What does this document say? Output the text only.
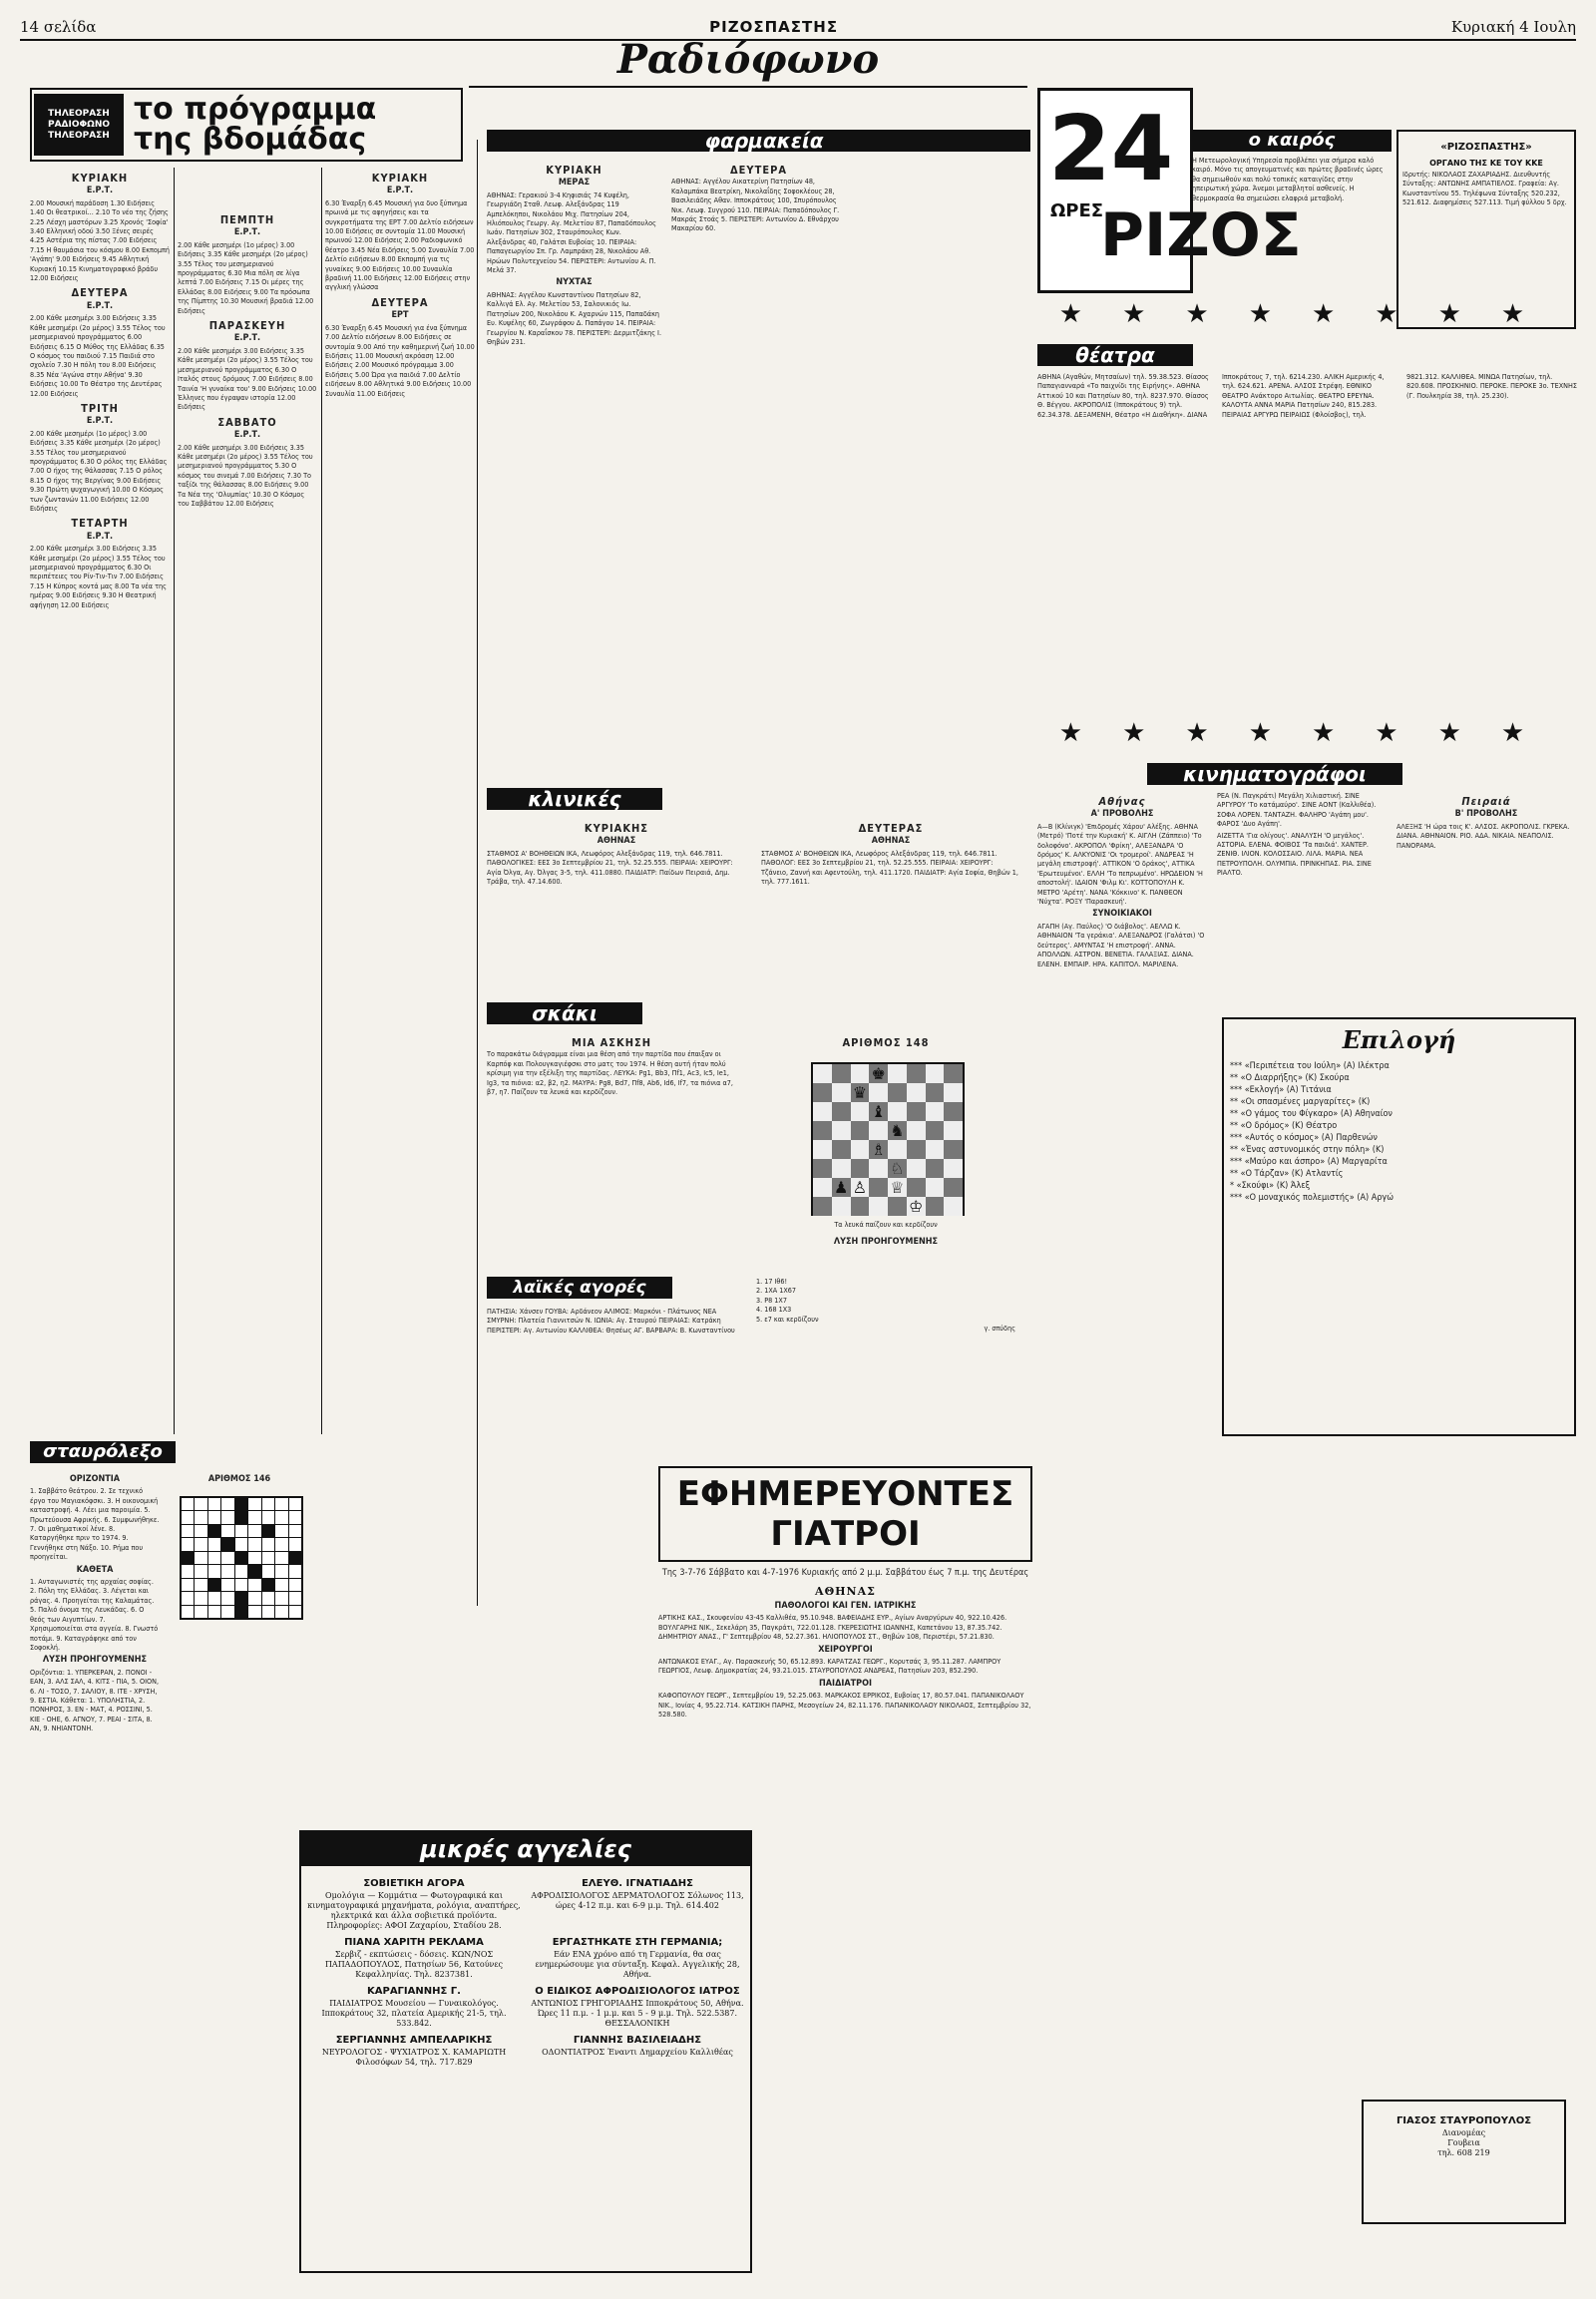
14 σελίδα	ΡΙΖΟΣΠΑΣΤΗΣ	Κυριακή 4 Ιουλη
Ραδιόφωνο
ΤΗΛΕΟΡΑΣΗ
ΡΑΔΙΟΦΩΝΟ
ΤΗΛΕΟΡΑΣΗ
το πρόγραμμα
της βδομάδας
ΚΥΡΙΑΚΗ
Ε.Ρ.Τ.

2.00 Μουσική παράδοση 1.30 Ειδήσεις 1.40 Οι θεατρικοί... 2.10 Το νέο της ζήσης 2.25 Λέσχη μαστόρων 3.25 Χρονός 'Σοφία' 3.40 Ελληνική οδού 3.50 Ξένες σειρές 4.25 Αστέρια της πίστας 7.00 Ειδήσεις 7.15 Η θαυμάσια του κόσμου 8.00 Εκπομπή 'Αγάπη' 9.00 Ειδήσεις 9.45 Αθλητική Κυριακή 10.15 Κινηματογραφικό βράδυ 12.00 Ειδήσεις

ΔΕΥΤΕΡΑ
Ε.Ρ.Τ.

2.00 Κάθε μεσημέρι 3.00 Ειδήσεις 3.35 Κάθε μεσημέρι (2ο μέρος) 3.55 Τέλος του μεσημεριανού προγράμματος 6.00 Ειδήσεις 6.15 Ο Μύθος της Ελλάδας 6.35 Ο κόσμος του παιδιού 7.15 Παιδιά στο σχολείο 7.30 Η πόλη του 8.00 Ειδήσεις 8.35 Νέα 'Αγώνα στην Αθήνα' 9.30 Ειδήσεις 10.00 Το Θέατρο της Δευτέρας 12.00 Ειδήσεις

ΤΡΙΤΗ
Ε.Ρ.Τ.

2.00 Κάθε μεσημέρι (1ο μέρος) 3.00 Ειδήσεις 3.35 Κάθε μεσημέρι (2ο μέρος) 3.55 Τέλος του μεσημεριανού προγράμματος 6.30 Ο ρόλος της Ελλάδας 7.00 Ο ήχος της θάλασσας 7.15 Ο ρόλος 8.15 Ο ήχος της Βεργίνας 9.00 Ειδήσεις 9.30 Πρώτη ψυχαγωγική 10.00 Ο Κόσμος των ζωντανών 11.00 Ειδήσεις 12.00 Ειδήσεις

ΤΕΤΑΡΤΗ
Ε.Ρ.Τ.

2.00 Κάθε μεσημέρι 3.00 Ειδήσεις 3.35 Κάθε μεσημέρι (2ο μέρος) 3.55 Τέλος του μεσημεριανού προγράμματος 6.30 Οι περιπέτειες του Ρίν-Τιν-Τιν 7.00 Ειδήσεις 7.15 Η Κύπρος κοντά μας 8.00 Τα νέα της ημέρας 9.00 Ειδήσεις 9.30 Η Θεατρική αφήγηση 12.00 Ειδήσεις

ΠΕΜΠΤΗ
Ε.Ρ.Τ.

2.00 Κάθε μεσημέρι (1ο μέρος) 3.00 Ειδήσεις 3.35 Κάθε μεσημέρι (2ο μέρος) 3.55 Τέλος του μεσημεριανού προγράμματος 6.30 Μια πόλη σε λίγα λεπτά 7.00 Ειδήσεις 7.15 Οι μέρες της Ελλάδας 8.00 Ειδήσεις 9.00 Τα πρόσωπα της Πίμπτης 10.30 Μουσική βραδιά 12.00 Ειδήσεις

ΠΑΡΑΣΚΕΥΗ
Ε.Ρ.Τ.

2.00 Κάθε μεσημέρι 3.00 Ειδήσεις 3.35 Κάθε μεσημέρι (2ο μέρος) 3.55 Τέλος του μεσημεριανού προγράμματος 6.30 Ο Ιταλός στους δρόμους 7.00 Ειδήσεις 8.00 Ταινία 'Η γυναίκα του' 9.00 Ειδήσεις 10.00 Έλληνες που έγραψαν ιστορία 12.00 Ειδήσεις

ΣΑΒΒΑΤΟ
Ε.Ρ.Τ.

2.00 Κάθε μεσημέρι 3.00 Ειδήσεις 3.35 Κάθε μεσημέρι (2ο μέρος) 3.55 Τέλος του μεσημεριανού προγράμματος 5.30 Ο κόσμος του σινεμά 7.00 Ειδήσεις 7.30 Το ταξίδι της θάλασσας 8.00 Ειδήσεις 9.00 Τα Νέα της 'Ολυμπίας' 10.30 Ο Κόσμος του Σαββάτου 12.00 Ειδήσεις

ΚΥΡΙΑΚΗ
Ε.Ρ.Τ.

6.30 Έναρξη 6.45 Μουσική για δυο ξύπνημα πρωινά με τις αφηγήσεις και τα συγκροτήματα της ΕΡΤ 7.00 Δελτίο ειδήσεων 10.00 Ειδήσεις σε συντομία 11.00 Μουσική πρωινού 12.00 Ειδήσεις 2.00 Ραδιοφωνικό θέατρο 3.45 Νέα Ειδήσεις 5.00 Συναυλία 7.00 Δελτίο ειδήσεων 8.00 Εκπομπή για τις γυναίκες 9.00 Ειδήσεις 10.00 Συναυλία βραδινή 11.00 Ειδήσεις 12.00 Ειδήσεις στην αγγλική γλώσσα

ΔΕΥΤΕΡΑ
ΕΡΤ

6.30 Έναρξη 6.45 Μουσική για ένα ξύπνημα 7.00 Δελτίο ειδήσεων 8.00 Ειδήσεις σε συντομία 9.00 Από την καθημερινή ζωή 10.00 Ειδήσεις 11.00 Μουσική ακρόαση 12.00 Ειδήσεις 2.00 Μουσικό πρόγραμμα 3.00 Ειδήσεις 5.00 Ώρα για παιδιά 7.00 Δελτίο ειδήσεων 8.00 Αθλητικά 9.00 Ειδήσεις 10.00 Συναυλία 11.00 Ειδήσεις

σταυρόλεξο
ΟΡΙΖΟΝΤΙΑ

1. Σαββάτο θεάτρου. 2. Σε τεχνικό έργο του Μαγιακόφσκι. 3. Η οικονομική καταστροφή. 4. Λέει μια παροιμία. 5. Πρωτεύουσα Αφρικής. 6. Συμφωνήθηκε. 7. Οι μαθηματικοί λένε. 8. Καταργήθηκε πριν το 1974. 9. Γεννήθηκε στη Νάξο. 10. Ρήμα που προηγείται.

ΚΑΘΕΤΑ

1. Ανταγωνιστές της αρχαίας σοφίας. 2. Πόλη της Ελλάδας. 3. Λέγεται και ράγας. 4. Προηγείται της Καλαμάτας. 5. Παλιό όνομα της Λευκάδας. 6. Ο θεός των Αιγυπτίων. 7. Χρησιμοποιείται στα αγγεία. 8. Γνωστό ποτάμι. 9. Καταγράφηκε από τον Σοφοκλή.

ΛΥΣΗ ΠΡΟΗΓΟΥΜΕΝΗΣ

Οριζόντια: 1. ΥΠΕΡΚΕΡΑΝ, 2. ΠΟΝΟΙ - ΕΑΝ, 3. ΑΛΣ ΣΑΛ, 4. ΚΙΤΣ - ΠΙΑ, 5. ΟΙΟΝ, 6. ΛΙ - ΤΟΣΟ, 7. ΣΑΛΙΟΥ, 8. ΙΤΕ - ΧΡΥΣΗ, 9. ΕΣΤΙΑ. Κάθετα: 1. ΥΠΟΛΗΣΤΙΑ, 2. ΠΟΝΗΡΟΣ, 3. ΕΝ - ΜΑΤ, 4. ΡΟΣΣΙΝΙ, 5. ΚΙΕ - ΟΗΕ, 6. ΑΓΝΟΥ, 7. ΡΕΑΙ - ΣΙΤΑ, 8. ΑΝ, 9. ΝΗΙΑΝΤΟΝΗ.

ΑΡΙΘΜΟΣ 146
μικρές αγγελίες
ΣΟΒΙΕΤΙΚΗ ΑΓΟΡΑ
Ομολόγια — Κομμάτια — Φωτογραφικά και κινηματογραφικά μηχανήματα, ρολόγια, αναπτήρες, ηλεκτρικά και άλλα σοβιετικά προϊόντα. Πληροφορίες: ΑΦΟΙ Ζαχαρίου, Σταδίου 28.
ΕΛΕΥΘ. ΙΓΝΑΤΙΑΔΗΣ
ΑΦΡΟΔΙΣΙΟΛΟΓΟΣ ΔΕΡΜΑΤΟΛΟΓΟΣ Σόλωνος 113, ώρες 4-12 π.μ. και 6-9 μ.μ. Τηλ. 614.402
ΠΙΑΝΑ ΧΑΡΙΤΗ ΡΕΚΛΑΜΑ
Σερβιζ - εκπτώσεις - δόσεις. ΚΩΝ/ΝΟΣ ΠΑΠΑΔΟΠΟΥΛΟΣ, Πατησίων 56, Κατούνες Κεφαλληνίας. Τηλ. 8237381.
ΕΡΓΑΣΤΗΚΑΤΕ ΣΤΗ ΓΕΡΜΑΝΙΑ;
Εάν ΕΝΑ χρόνο από τη Γερμανία, θα σας ενημερώσουμε για σύνταξη. Κεφαλ. Αγγελικής 28, Αθήνα.
ΚΑΡΑΓΙΑΝΝΗΣ Γ.
ΠΑΙΔΙΑΤΡΟΣ Μουσείου — Γυναικολόγος. Ιπποκράτους 32, πλατεία Αμερικής 21-5, τηλ. 533.842.
Ο ΕΙΔΙΚΟΣ ΑΦΡΟΔΙΣΙΟΛΟΓΟΣ ΙΑΤΡΟΣ
ΑΝΤΩΝΙΟΣ ΓΡΗΓΟΡΙΑΔΗΣ Ιπποκράτους 50, Αθήνα. Ώρες 11 π.μ. - 1 μ.μ. και 5 - 9 μ.μ. Τηλ. 522.5387. ΘΕΣΣΑΛΟΝΙΚΗ
ΣΕΡΓΙΑΝΝΗΣ ΑΜΠΕΛΑΡΙΚΗΣ
ΝΕΥΡΟΛΟΓΟΣ - ΨΥΧΙΑΤΡΟΣ Χ. ΚΑΜΑΡΙΩΤΗ Φιλοσόφων 54, τηλ. 717.829
ΓΙΑΝΝΗΣ ΒΑΣΙΛΕΙΑΔΗΣ
ΟΔΟΝΤΙΑΤΡΟΣ Έναντι Δημαρχείου Καλλιθέας
φαρμακεία
ΚΥΡΙΑΚΗ
ΜΕΡΑΣ

ΑΘΗΝΑΣ: Γερακιού 3-4 Κηφισιάς 74 Κυψέλη, Γεωργιάδη Σταθ. Λεωφ. Αλεξάνδρας 119 Αμπελόκηποι, Νικολάου Μιχ. Πατησίων 204, Ηλιόπουλος Γεωργ. Αγ. Μελετίου 87, Παπαδόπουλος Ιωάν. Πατησίων 302, Σταυρόπουλος Κων. Αλεξάνδρας 40, Γαλάτσι Ευβοίας 10. ΠΕΙΡΑΙΑ: Παπαγεωργίου Σπ. Γρ. Λαμπράκη 28, Νικολάου Αθ. Ηρώων Πολυτεχνείου 54. ΠΕΡΙΣΤΕΡΙ: Αντωνίου Α. Π. Μελά 37.

ΝΥΧΤΑΣ

ΑΘΗΝΑΣ: Αγγέλου Κωνσταντίνου Πατησίων 82, Καλλιγά Ελ. Αγ. Μελετίου 53, Σαλονικιός Ιω. Πατησίων 200, Νικολάου Κ. Αχαρνών 115, Παπαδάκη Ευ. Κυψέλης 60, Ζωγράφου Δ. Παπάγου 14. ΠΕΙΡΑΙΑ: Γεωργίου Ν. Καραΐσκου 78. ΠΕΡΙΣΤΕΡΙ: Δερμιτζάκης Ι. Θηβών 231.

ΔΕΥΤΕΡΑ

ΑΘΗΝΑΣ: Αγγέλου Αικατερίνη Πατησίων 48, Καλαμπάκα Βεατρίκη, Νικολαΐδης Σοφοκλέους 28, Βασιλειάδης Αθαν. Ιπποκράτους 100, Σπυρόπουλος Νικ. Λεωφ. Συγγρού 110. ΠΕΙΡΑΙΑ: Παπαδόπουλος Γ. Μακράς Στοάς 5. ΠΕΡΙΣΤΕΡΙ: Αντωνίου Δ. Εθνάρχου Μακαρίου 60.

κλινικές
ΚΥΡΙΑΚΗΣ
ΑΘΗΝΑΣ

ΣΤΑΘΜΟΣ Α' ΒΟΗΘΕΙΩΝ ΙΚΑ, Λεωφόρος Αλεξάνδρας 119, τηλ. 646.7811. ΠΑΘΟΛΟΓΙΚΕΣ: ΕΕΣ 3ο Σεπτεμβρίου 21, τηλ. 52.25.555. ΠΕΙΡΑΙΑ: ΧΕΙΡΟΥΡΓ: Αγία Όλγα, Αγ. Όλγας 3-5, τηλ. 411.0880. ΠΑΙΔΙΑΤΡ: Παίδων Πειραιά, Δημ. Τράβα, τηλ. 47.14.600.

ΔΕΥΤΕΡΑΣ
ΑΘΗΝΑΣ

ΣΤΑΘΜΟΣ Α' ΒΟΗΘΕΙΩΝ ΙΚΑ, Λεωφόρος Αλεξάνδρας 119, τηλ. 646.7811. ΠΑΘΟΛΟΓ: ΕΕΣ 3ο Σεπτεμβρίου 21, τηλ. 52.25.555. ΠΕΙΡΑΙΑ: ΧΕΙΡΟΥΡΓ: Τζάνειο, Ζαννή και Αφεντούλη, τηλ. 411.1720. ΠΑΙΔΙΑΤΡ: Αγία Σοφία, Θηβών 1, τηλ. 777.1611.

σκάκι
ΜΙΑ ΑΣΚΗΣΗ

Το παρακάτω διάγραμμα είναι μια θέση από την παρτίδα που έπαιξαν οι Καρπόφ και Πολουγκαγιέφσκι στο ματς του 1974. Η θέση αυτή ήταν πολύ κρίσιμη για την εξέλιξη της παρτίδας. ΛΕΥΚΑ: Ρg1, Βb3, Πf1, Αc3, Ιc5, Ιe1, Ιg3, τα πιόνια: α2, β2, η2. ΜΑΥΡΑ: Ρg8, Βd7, Πf8, Αb6, Ιd6, Ιf7, τα πιόνια α7, β7, η7. Παίζουν τα λευκά και κερδίζουν.

ΑΡΙΘΜΟΣ 148
♚
♛
♝
♞
♗
♘
♟ ♙ ♕
♔
Τα λευκά παίζουν και κερδίζουν
ΛΥΣΗ ΠΡΟΗΓΟΥΜΕΝΗΣ
λαϊκές αγορές
ΠΑΤΗΣΙΑ: Χάνσεν ΓΟΥΒΑ: Αρδάνεον ΑΛΙΜΟΣ: Μαρκόνι - Πλάτωνος ΝΕΑ ΣΜΥΡΝΗ: Πλατεία Γιαννιτσών Ν. ΙΩΝΙΑ: Αγ. Σταυρού ΠΕΙΡΑΙΑΣ: Κατράκη ΠΕΡΙΣΤΕΡΙ: Αγ. Αντωνίου ΚΑΛΛΙΘΕΑ: Θησέως ΑΓ. ΒΑΡΒΑΡΑ: Β. Κωνσταντίνου
1. 17 Ιθ6!
2. 1ΧΑ 1Χ67
3. Ρ8 1Χ7
4. 168 1Χ3
5. ε7 και κερδίζουν
γ. σπύδης
ΕΦΗΜΕΡΕΥΟΝΤΕΣ ΓΙΑΤΡΟΙ
Της 3-7-76 Σάββατο και 4-7-1976 Κυριακής από 2 μ.μ. Σαββάτου έως 7 π.μ. της Δευτέρας
ΑΘΗΝΑΣ
ΠΑΘΟΛΟΓΟΙ ΚΑΙ ΓΕΝ. ΙΑΤΡΙΚΗΣ

ΑΡΤΙΚΗΣ ΚΑΣ., Σκουφενίου 43-45 Καλλιθέα, 95.10.948. ΒΑΦΕΙΑΔΗΣ ΕΥΡ., Αγίων Αναργύρων 40, 922.10.426. ΒΟΥΛΓΑΡΗΣ ΝΙΚ., Σεκελάρη 35, Παγκράτι, 722.01.128. ΓΚΕΡΕΣΙΩΤΗΣ ΙΩΑΝΝΗΣ, Καπετάνου 13, 87.35.742. ΔΗΜΗΤΡΙΟΥ ΑΝΑΣ., Γ' Σεπτεμβρίου 48, 52.27.361. ΗΛΙΟΠΟΥΛΟΣ ΣΤ., Θηβών 108, Περιστέρι, 57.21.830.

ΧΕΙΡΟΥΡΓΟΙ

ΑΝΤΩΝΑΚΟΣ ΕΥΑΓ., Αγ. Παρασκευής 50, 65.12.893. ΚΑΡΑΤΖΑΣ ΓΕΩΡΓ., Κορυτσάς 3, 95.11.287. ΛΑΜΠΡΟΥ ΓΕΩΡΓΙΟΣ, Λεωφ. Δημοκρατίας 24, 93.21.015. ΣΤΑΥΡΟΠΟΥΛΟΣ ΑΝΔΡΕΑΣ, Πατησίων 203, 852.290.

ΠΑΙΔΙΑΤΡΟΙ

ΚΑΦΟΠΟΥΛΟΥ ΓΕΩΡΓ., Σεπτεμβρίου 19, 52.25.063. ΜΑΡΚΑΚΟΣ ΕΡΡΙΚΟΣ, Ευβοίας 17, 80.57.041. ΠΑΠΑΝΙΚΟΛΑΟΥ ΝΙΚ., Ιονίας 4, 95.22.714. ΚΑΤΣΙΚΗ ΠΑΡΗΣ, Μεσογείων 24, 82.11.176. ΠΑΠΑΝΙΚΟΛΑΟΥ ΝΙΚΟΛΑΟΣ, Σεπτεμβρίου 32, 528.580.

24
ΩΡΕΣ
ΡΙΖΟΣ
ο καιρός
Η Μετεωρολογική Υπηρεσία προβλέπει για σήμερα καλό καιρό. Μόνο τις απογευματινές και πρώτες βραδινές ώρες θα σημειωθούν και πολύ τοπικές καταιγίδες στην ηπειρωτική χώρα. Άνεμοι μεταβλητοί ασθενείς. Η θερμοκρασία θα σημειώσει ελαφριά μεταβολή.
«ΡΙΖΟΣΠΑΣΤΗΣ»
ΟΡΓΑΝΟ ΤΗΣ ΚΕ ΤΟΥ ΚΚΕ
Ιδρυτής: ΝΙΚΟΛΑΟΣ ΖΑΧΑΡΙΑΔΗΣ. Διευθυντής Σύνταξης: ΑΝΤΩΝΗΣ ΑΜΠΑΤΙΕΛΟΣ. Γραφεία: Αγ. Κωνσταντίνου 55. Τηλέφωνα Σύνταξης 520.232, 521.612. Διαφημίσεις 527.113. Τιμή φύλλου 5 δρχ.
★★★★★★★★
θέατρα
ΑΘΗΝΑ (Αγαθών, Μητσαίων) τηλ. 59.38.523. Θίασος Παπαγιανναρά «Το παιχνίδι της Ειρήνης». ΑΘΗΝΑ Αττικού 10 και Πατησίων 80, τηλ. 8237.970. Θίασος Θ. Βέγγου. ΑΚΡΟΠΟΛΙΣ (Ιπποκράτους 9) τηλ. 62.34.378. ΔΕΞΑΜΕΝΗ, Θέατρο «Η Διαθήκη». ΔΙΑΝΑ Ιπποκράτους 7, τηλ. 6214.230. ΑΛΙΚΗ Αμερικής 4, τηλ. 624.621. ΑΡΕΝΑ. ΑΛΣΟΣ Στρέφη. ΕΘΝΙΚΟ ΘΕΑΤΡΟ Ανάκτορο Αιτωλίας. ΘΕΑΤΡΟ ΕΡΕΥΝΑ. ΚΑΛΟΥΤΑ ΑΝΝΑ ΜΑΡΙΑ Πατησίων 240, 815.283. ΠΕΙΡΑΙΑΣ ΑΡΓΥΡΩ ΠΕΙΡΑΙΩΣ (Φλοίσβος), τηλ. 9821.312. ΚΑΛΛΙΘΕΑ. ΜΙΝΩΑ Πατησίων, τηλ. 820.608. ΠΡΟΣΚΗΝΙΟ. ΠΕΡΟΚΕ. ΠΕΡΟΚΕ 3ο. ΤΕΧΝΗΣ (Γ. Πουλκηρία 38, τηλ. 25.230).
★★★★★★★★
κινηματογράφοι
Αθήνας
Α' ΠΡΟΒΟΛΗΣ

Α—Β (Κλίνιγκ) 'Επιδρομές Χάρου' Αλέξης. ΑΘΗΝΑ (Μετρό) 'Ποτέ την Κυριακή' Κ. ΑΙΓΛΗ (Ζάππειο) 'Το δολοφόνο'. ΑΚΡΟΠΟΛ 'Φρίκη', ΑΛΕΞΑΝΔΡΑ 'Ο δρόμος' Κ. ΑΛΚΥΟΝΙΣ 'Οι τρομεροί'. ΑΝΔΡΕΑΣ 'Η μεγάλη επιστροφή'. ΑΤΤΙΚΟΝ 'Ο δράκος', ΑΤΤΙΚΑ 'Ερωτευμένοι'. ΕΛΛΗ 'Το πεπρωμένο'. ΗΡΩΔΕΙΟΝ 'Η αποστολή'. ΙΔΑΙΟΝ 'Φιλμ Κι'. ΚΟΤΤΟΠΟΥΛΗ Κ. ΜΕΤΡΟ 'Αρέτη'. ΝΑΝΑ 'Κόκκινο' Κ. ΠΑΝΘΕΟΝ 'Νύχτα'. ΡΟΞΥ 'Παρασκευή'.

ΣΥΝΟΙΚΙΑΚΟΙ

ΑΓΑΠΗ (Αγ. Παύλος) 'Ο διάβολος'. ΑΕΛΛΩ Κ. ΑΘΗΝΑΙΟΝ 'Τα γεράκια'. ΑΛΕΞΑΝΔΡΟΣ (Γαλάτσι) 'Ο δεύτερος'. ΑΜΥΝΤΑΣ 'Η επιστροφή'. ΑΝΝΑ. ΑΠΟΛΛΩΝ. ΑΣΤΡΟΝ. ΒΕΝΕΤΙΑ. ΓΑΛΑΞΙΑΣ. ΔΙΑΝΑ. ΕΛΕΝΗ. ΕΜΠΑΙΡ. ΗΡΑ. ΚΑΠΙΤΟΛ. ΜΑΡΙΛΕΝΑ.

ΡΕΑ (Ν. Παγκράτι) Μεγάλη Χιλιαστική. ΣΙΝΕ ΑΡΓΥΡΟΥ 'Το κατάμαύρο'. ΣΙΝΕ ΑΟΝΤ (Καλλιθέα). ΣΟΦΑ ΛΟΡΕΝ. ΤΑΝΤΑΖΗ. ΦΑΛΗΡΟ 'Αγάπη μου'. ΦΑΡΟΣ 'Δυο Αγάπη'.

ΑΙΖΕΤΤΑ 'Για ολίγους'. ΑΝΑΛΥΣΗ 'Ο μεγάλος'. ΑΣΤΟΡΙΑ. ΕΛΕΝΑ. ΦΟΙΒΟΣ 'Τα παιδιά'. ΧΑΝΤΕΡ. ΖΕΝΙΘ. ΙΛΙΟΝ. ΚΟΛΟΣΣΑΙΟ. ΛΙΛΑ. ΜΑΡΙΑ. ΝΕΑ ΠΕΤΡΟΥΠΟΛΗ. ΟΛΥΜΠΙΑ. ΠΡΙΝΚΗΠΑΣ. ΡΙΑ. ΣΙΝΕ ΡΙΑΛΤΟ.

Πειραιά
Β' ΠΡΟΒΟΛΗΣ

ΑΛΕΞΗΣ 'Η ώρα τοις Κ'. ΑΛΣΟΣ. ΑΚΡΟΠΟΛΙΣ. ΓΚΡΕΚΑ. ΔΙΑΝΑ. ΑΘΗΝΑΙΟΝ. ΡΙΟ. ΑΔΑ. ΝΙΚΑΙΑ. ΝΕΑΠΟΛΙΣ. ΠΑΝΟΡΑΜΑ.

Επιλογή
*** «Περιπέτεια του Ιούλη» (Α) Ιλέκτρα
** «Ο Διαρρήξης» (Κ) Σκούρα
*** «Εκλογή» (Α) Τιτάνια
** «Οι σπασμένες μαργαρίτες» (Κ)
** «Ο γάμος του Φίγκαρο» (Α) Αθηναίον
** «Ο δρόμος» (Κ) Θέατρο
*** «Αυτός ο κόσμος» (Α) Παρθενών
** «Ένας αστυνομικός στην πόλη» (Κ)
*** «Μαύρο και άσπρο» (Α) Μαργαρίτα
** «Ο Τάρζαν» (Κ) Ατλαντίς
* «Σκούφι» (Κ) Άλεξ
*** «Ο μοναχικός πολεμιστής» (Α) Αργώ
ΓΙΑΣΟΣ ΣΤΑΥΡΟΠΟΥΛΟΣ
Διανομέας
Γουβεια
τηλ. 608 219
